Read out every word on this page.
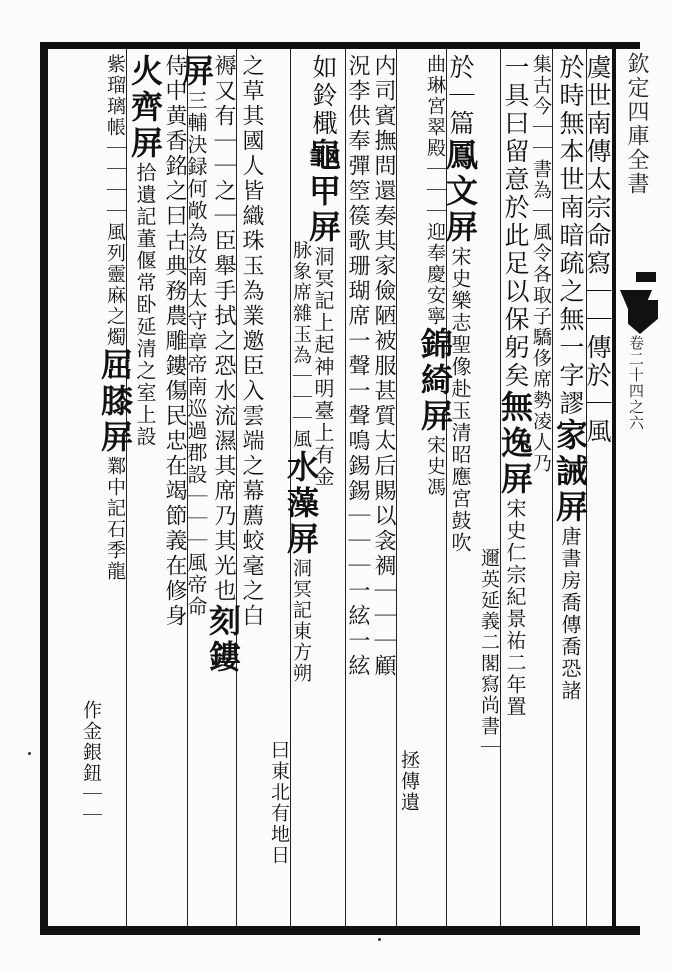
欽定四庫全書
卷二十四之六
虞世南傳太宗命寫｜｜傳於｜風
於時無本世南暗疏之無一字謬家誡屏唐書房喬傳喬恐諸
集古今｜｜書為｜風令各取子驕侈席勢凌人乃
一具曰留意於此足以保躬矣無逸屏宋史仁宗紀景祐二年置
邇英延義二閣寫尚書｜
於｜篇鳳文屏宋史樂志聖像赴玉清昭應宮鼓吹
曲琳宮翠殿｜｜｜迎奉慶安寧錦綺屏宋史馮
拯傳遺
内司賓撫問還奏其家儉陋被服甚質太后賜以衾裯｜｜｜顧
況李供奉彈箜篌歌珊瑚席一聲一聲鳴錫錫｜｜｜一絃一絃
如鈴檝龜甲屏洞冥記上起神明臺上有金
脉象席雜玉為｜｜｜風水藻屏洞冥記東方朔
曰東北有地日
之草其國人皆織珠玉為業邀臣入雲端之幕薦蛟毫之白
褥又有｜｜之｜臣舉手拭之恐水流濕其席乃其光也刻鏤
屏三輔決録何敞為汝南太守章帝南巡過郡設｜｜｜風帝命
侍中黄香銘之曰古典務農雕鏤傷民忠在竭節義在修身
火齊屏拾遺記董偃常卧延清之室上設
紫瑠璃帳｜｜｜｜風列靈麻之燭屈膝屏鄴中記石季龍
作金銀鈕｜｜
